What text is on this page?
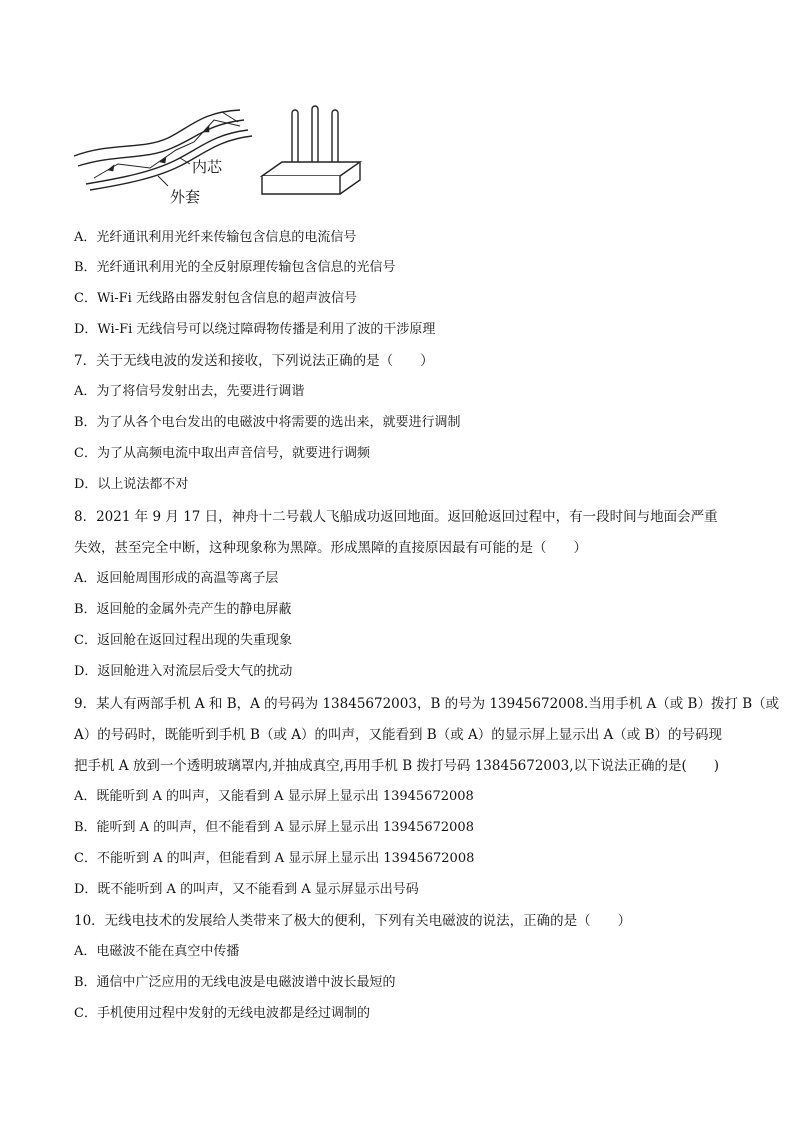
内芯
外套
A．光纤通讯利用光纤来传输包含信息的电流信号
B．光纤通讯利用光的全反射原理传输包含信息的光信号
C．Wi-Fi 无线路由器发射包含信息的超声波信号
D．Wi-Fi 无线信号可以绕过障碍物传播是利用了波的干涉原理
7．关于无线电波的发送和接收，下列说法正确的是（　　）
A．为了将信号发射出去，先要进行调谐
B．为了从各个电台发出的电磁波中将需要的选出来，就要进行调制
C．为了从高频电流中取出声音信号，就要进行调频
D．以上说法都不对
8．2021 年 9 月 17 日，神舟十二号载人飞船成功返回地面。返回舱返回过程中，有一段时间与地面会严重
失效，甚至完全中断，这种现象称为黑障。形成黑障的直接原因最有可能的是（　　）
A．返回舱周围形成的高温等离子层
B．返回舱的金属外壳产生的静电屏蔽
C．返回舱在返回过程出现的失重现象
D．返回舱进入对流层后受大气的扰动
9．某人有两部手机 A 和 B，A 的号码为 13845672003，B 的号为 13945672008.当用手机 A（或 B）拨打 B（或
A）的号码时，既能听到手机 B（或 A）的叫声，又能看到 B（或 A）的显示屏上显示出 A（或 B）的号码现
把手机 A 放到一个透明玻璃罩内,并抽成真空,再用手机 B 拨打号码 13845672003,以下说法正确的是(　　)
A．既能听到 A 的叫声，又能看到 A 显示屏上显示出 13945672008
B．能听到 A 的叫声，但不能看到 A 显示屏上显示出 13945672008
C．不能听到 A 的叫声，但能看到 A 显示屏上显示出 13945672008
D．既不能听到 A 的叫声，又不能看到 A 显示屏显示出号码
10．无线电技术的发展给人类带来了极大的便利，下列有关电磁波的说法，正确的是（　　）
A．电磁波不能在真空中传播
B．通信中广泛应用的无线电波是电磁波谱中波长最短的
C．手机使用过程中发射的无线电波都是经过调制的
